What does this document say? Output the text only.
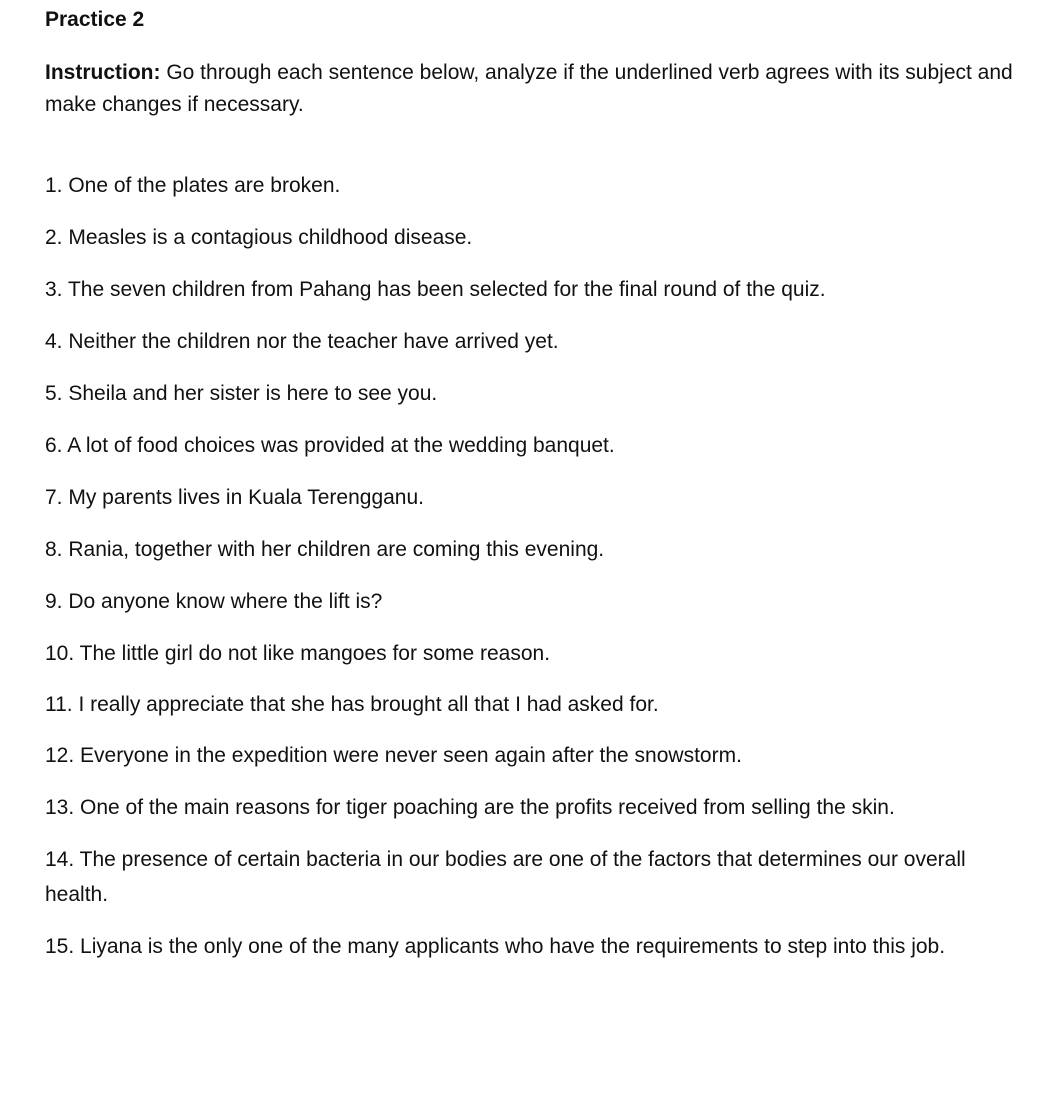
Practice 2
Instruction: Go through each sentence below, analyze if the underlined verb agrees with its subject and make changes if necessary.
1. One of the plates are broken.
2. Measles is a contagious childhood disease.
3. The seven children from Pahang has been selected for the final round of the quiz.
4. Neither the children nor the teacher have arrived yet.
5. Sheila and her sister is here to see you.
6. A lot of food choices was provided at the wedding banquet.
7. My parents lives in Kuala Terengganu.
8. Rania, together with her children are coming this evening.
9. Do anyone know where the lift is?
10. The little girl do not like mangoes for some reason.
11. I really appreciate that she has brought all that I had asked for.
12. Everyone in the expedition were never seen again after the snowstorm.
13. One of the main reasons for tiger poaching are the profits received from selling the skin.
14. The presence of certain bacteria in our bodies are one of the factors that determines our overall health.
15. Liyana is the only one of the many applicants who have the requirements to step into this job.
